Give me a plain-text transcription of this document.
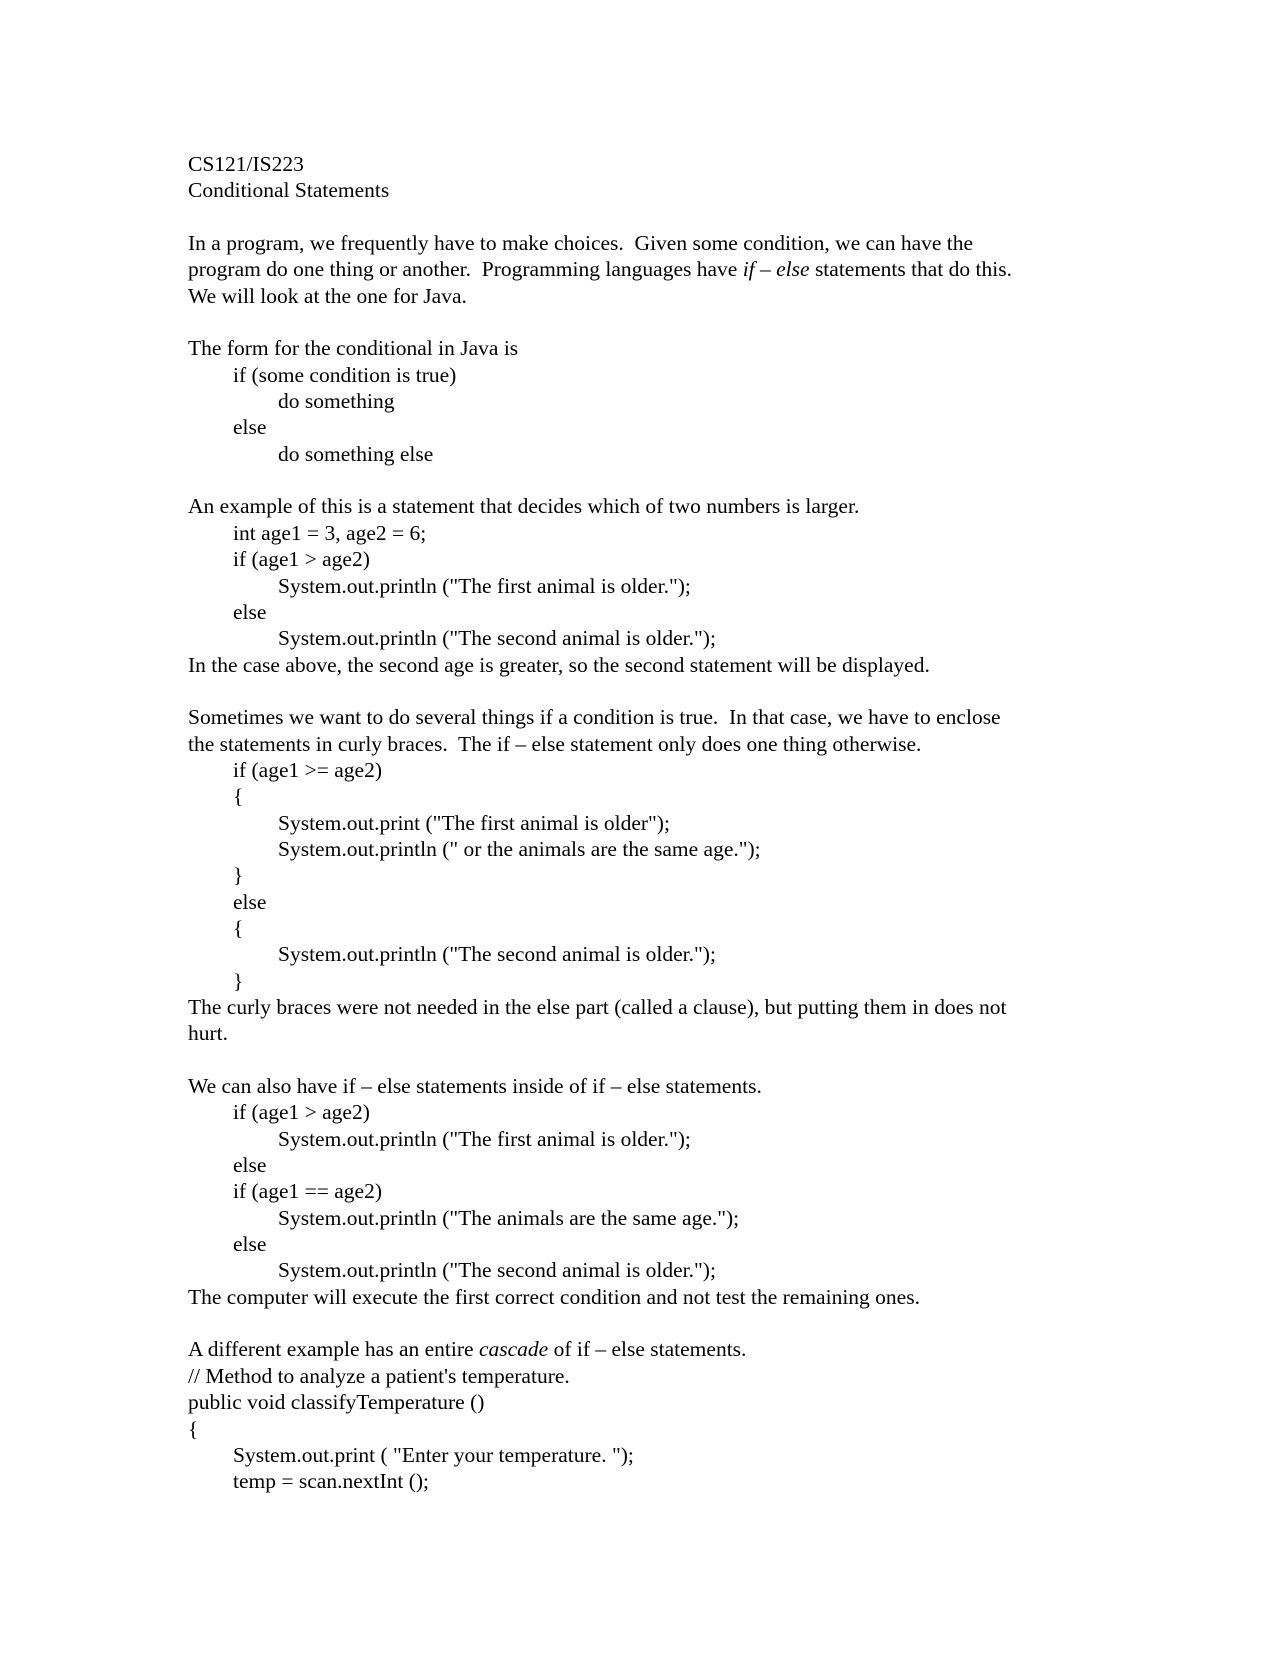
CS121/IS223
Conditional Statements
In a program, we frequently have to make choices.  Given some condition, we can have the
program do one thing or another.  Programming languages have if – else statements that do this.
We will look at the one for Java.
The form for the conditional in Java is
if (some condition is true)
do something
else
do something else
An example of this is a statement that decides which of two numbers is larger.
int age1 = 3, age2 = 6;
if (age1 > age2)
System.out.println ("The first animal is older.");
else
System.out.println ("The second animal is older.");
In the case above, the second age is greater, so the second statement will be displayed.
Sometimes we want to do several things if a condition is true.  In that case, we have to enclose
the statements in curly braces.  The if – else statement only does one thing otherwise.
if (age1 >= age2)
{
System.out.print ("The first animal is older");
System.out.println (" or the animals are the same age.");
}
else
{
System.out.println ("The second animal is older.");
}
The curly braces were not needed in the else part (called a clause), but putting them in does not
hurt.
We can also have if – else statements inside of if – else statements.
if (age1 > age2)
System.out.println ("The first animal is older.");
else
if (age1 == age2)
System.out.println ("The animals are the same age.");
else
System.out.println ("The second animal is older.");
The computer will execute the first correct condition and not test the remaining ones.
A different example has an entire cascade of if – else statements.
// Method to analyze a patient's temperature.
public void classifyTemperature ()
{
System.out.print ( "Enter your temperature. ");
temp = scan.nextInt ();
